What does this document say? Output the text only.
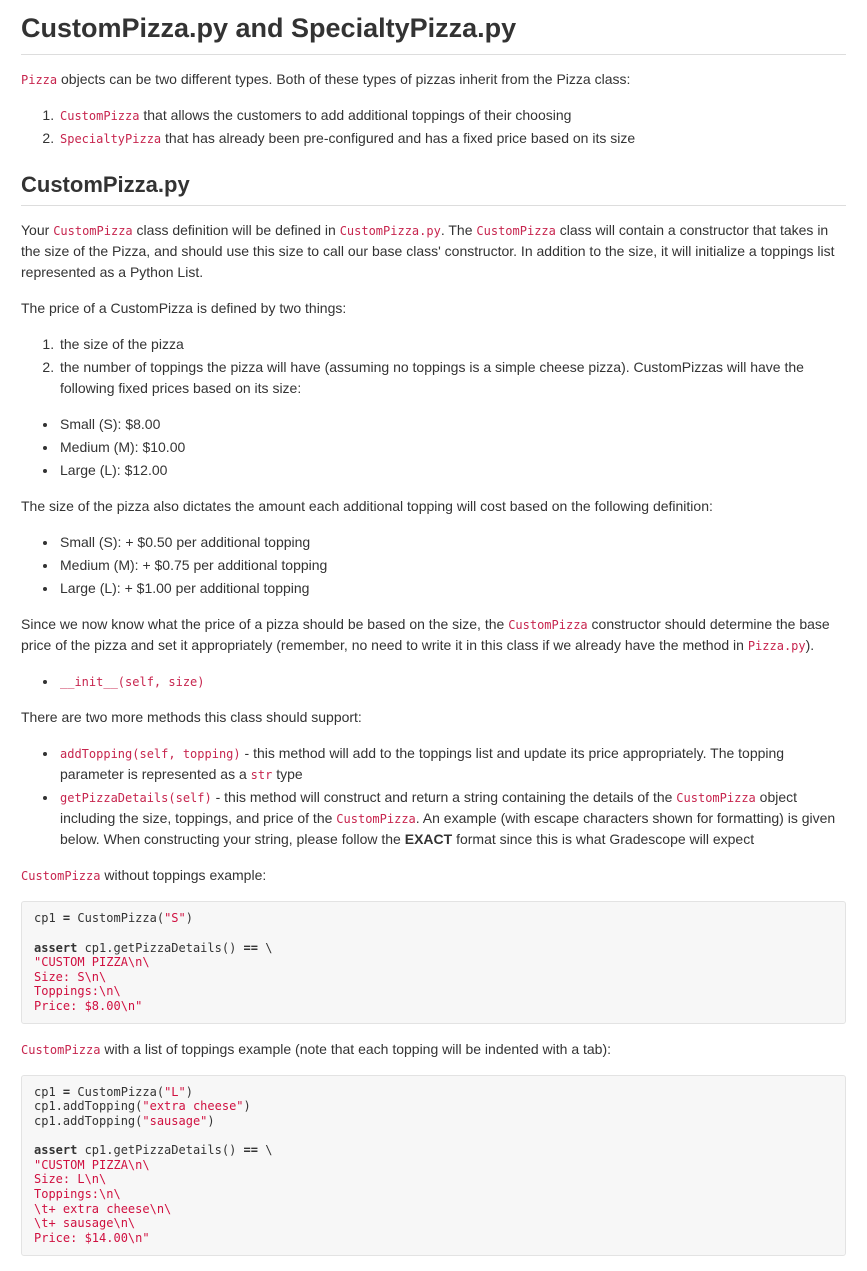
CustomPizza.py and SpecialtyPizza.py

Pizza objects can be two different types. Both of these types of pizzas inherit from the Pizza class:

1. CustomPizza that allows the customers to add additional toppings of their choosing
2. SpecialtyPizza that has already been pre-configured and has a fixed price based on its size
CustomPizza.py

Your CustomPizza class definition will be defined in CustomPizza.py. The CustomPizza class will contain a constructor that takes in the size of the Pizza, and should use this size to call our base class' constructor. In addition to the size, it will initialize a toppings list represented as a Python List.

The price of a CustomPizza is defined by two things:

1. the size of the pizza
2. the number of toppings the pizza will have (assuming no toppings is a simple cheese pizza). CustomPizzas will have the following fixed prices based on its size:
• Small (S): $8.00
• Medium (M): $10.00
• Large (L): $12.00

The size of the pizza also dictates the amount each additional topping will cost based on the following definition:

• Small (S): + $0.50 per additional topping
• Medium (M): + $0.75 per additional topping
• Large (L): + $1.00 per additional topping

Since we now know what the price of a pizza should be based on the size, the CustomPizza constructor should determine the base price of the pizza and set it appropriately (remember, no need to write it in this class if we already have the method in Pizza.py).

• __init__(self, size)

There are two more methods this class should support:

• addTopping(self, topping) - this method will add to the toppings list and update its price appropriately. The topping parameter is represented as a str type
• getPizzaDetails(self) - this method will construct and return a string containing the details of the CustomPizza object including the size, toppings, and price of the CustomPizza. An example (with escape characters shown for formatting) is given below. When constructing your string, please follow the EXACT format since this is what Gradescope will expect

CustomPizza without toppings example:

cp1 = CustomPizza("S")

assert cp1.getPizzaDetails() == \
"CUSTOM PIZZA\n\
Size: S\n\
Toppings:\n\
Price: $8.00\n"

CustomPizza with a list of toppings example (note that each topping will be indented with a tab):

cp1 = CustomPizza("L")
cp1.addTopping("extra cheese")
cp1.addTopping("sausage")

assert cp1.getPizzaDetails() == \
"CUSTOM PIZZA\n\
Size: L\n\
Toppings:\n\
\t+ extra cheese\n\
\t+ sausage\n\
Price: $14.00\n"
